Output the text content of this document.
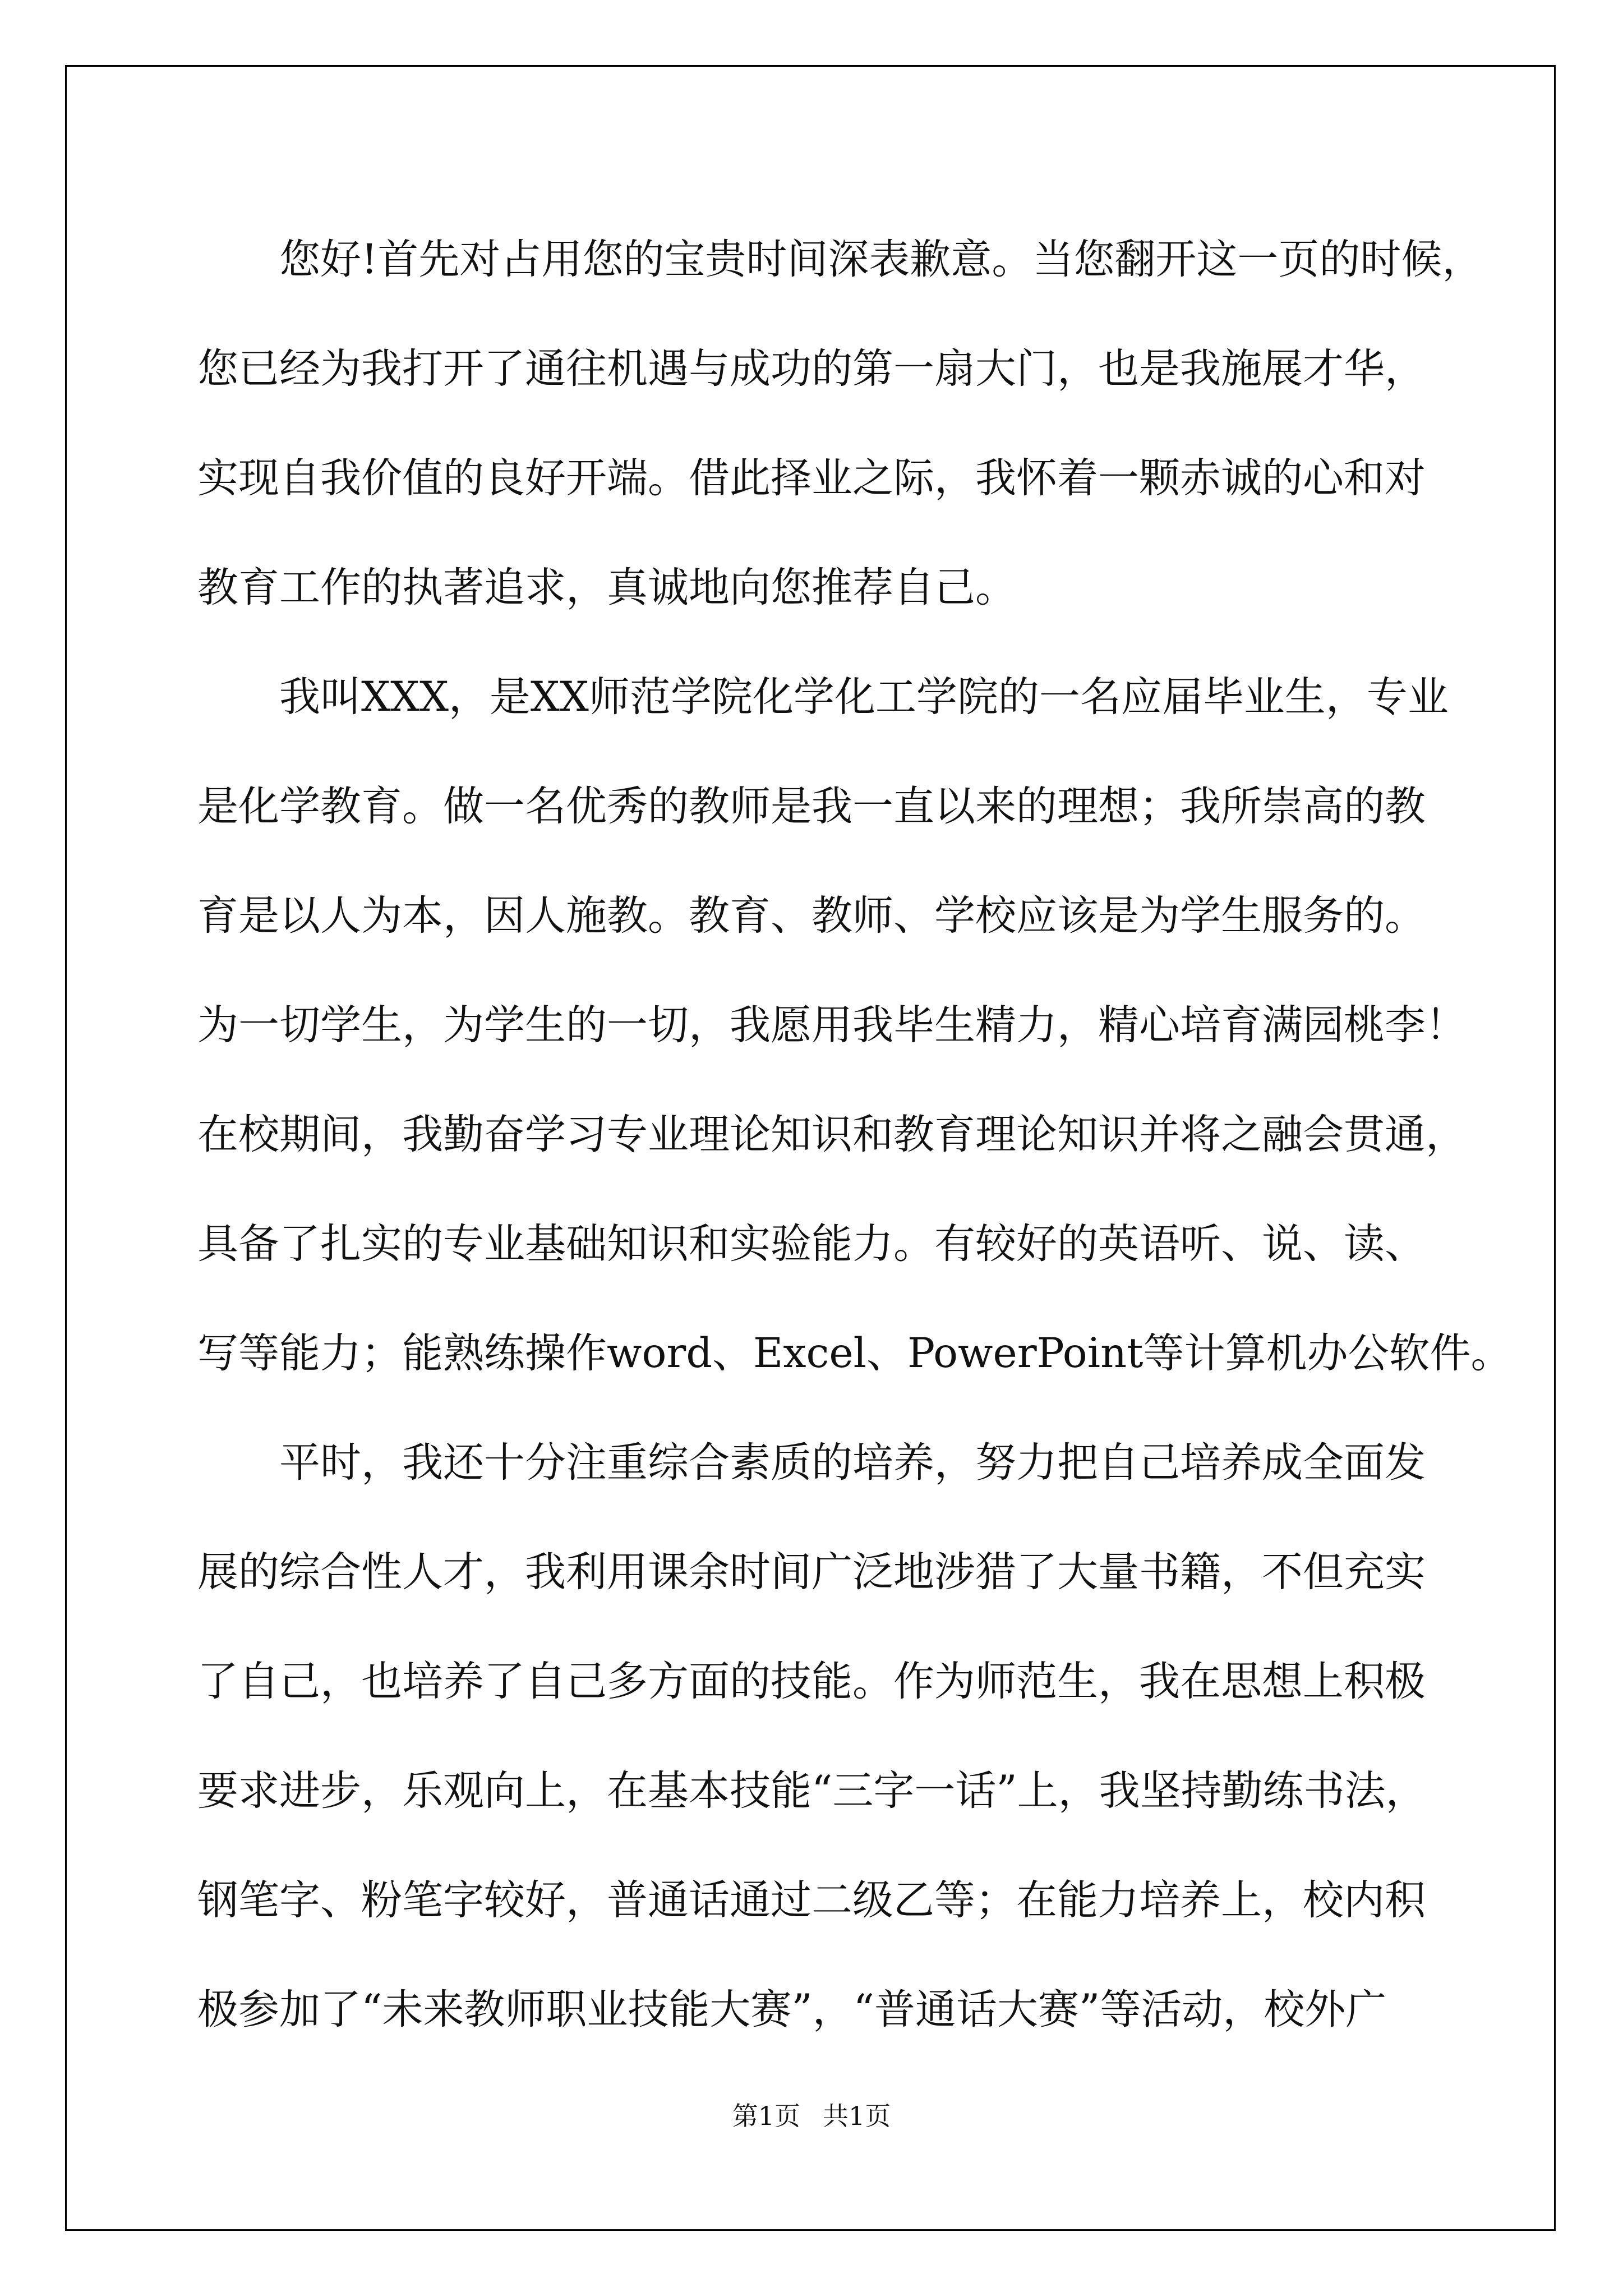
您好!首先对占用您的宝贵时间深表歉意。当您翻开这一页的时候，
您已经为我打开了通往机遇与成功的第一扇大门，也是我施展才华，
实现自我价值的良好开端。借此择业之际，我怀着一颗赤诚的心和对
教育工作的执著追求，真诚地向您推荐自己。
我叫XXX，是XX师范学院化学化工学院的一名应届毕业生，专业
是化学教育。做一名优秀的教师是我一直以来的理想；我所崇高的教
育是以人为本，因人施教。教育、教师、学校应该是为学生服务的。
为一切学生，为学生的一切，我愿用我毕生精力，精心培育满园桃李！
在校期间，我勤奋学习专业理论知识和教育理论知识并将之融会贯通，
具备了扎实的专业基础知识和实验能力。有较好的英语听、说、读、
写等能力；能熟练操作word、Excel、PowerPoint等计算机办公软件。
平时，我还十分注重综合素质的培养，努力把自己培养成全面发
展的综合性人才，我利用课余时间广泛地涉猎了大量书籍，不但充实
了自己，也培养了自己多方面的技能。作为师范生，我在思想上积极
要求进步，乐观向上，在基本技能“三字一话”上，我坚持勤练书法，
钢笔字、粉笔字较好，普通话通过二级乙等；在能力培养上，校内积
极参加了“未来教师职业技能大赛”，“普通话大赛”等活动，校外广
第1页 共1页
